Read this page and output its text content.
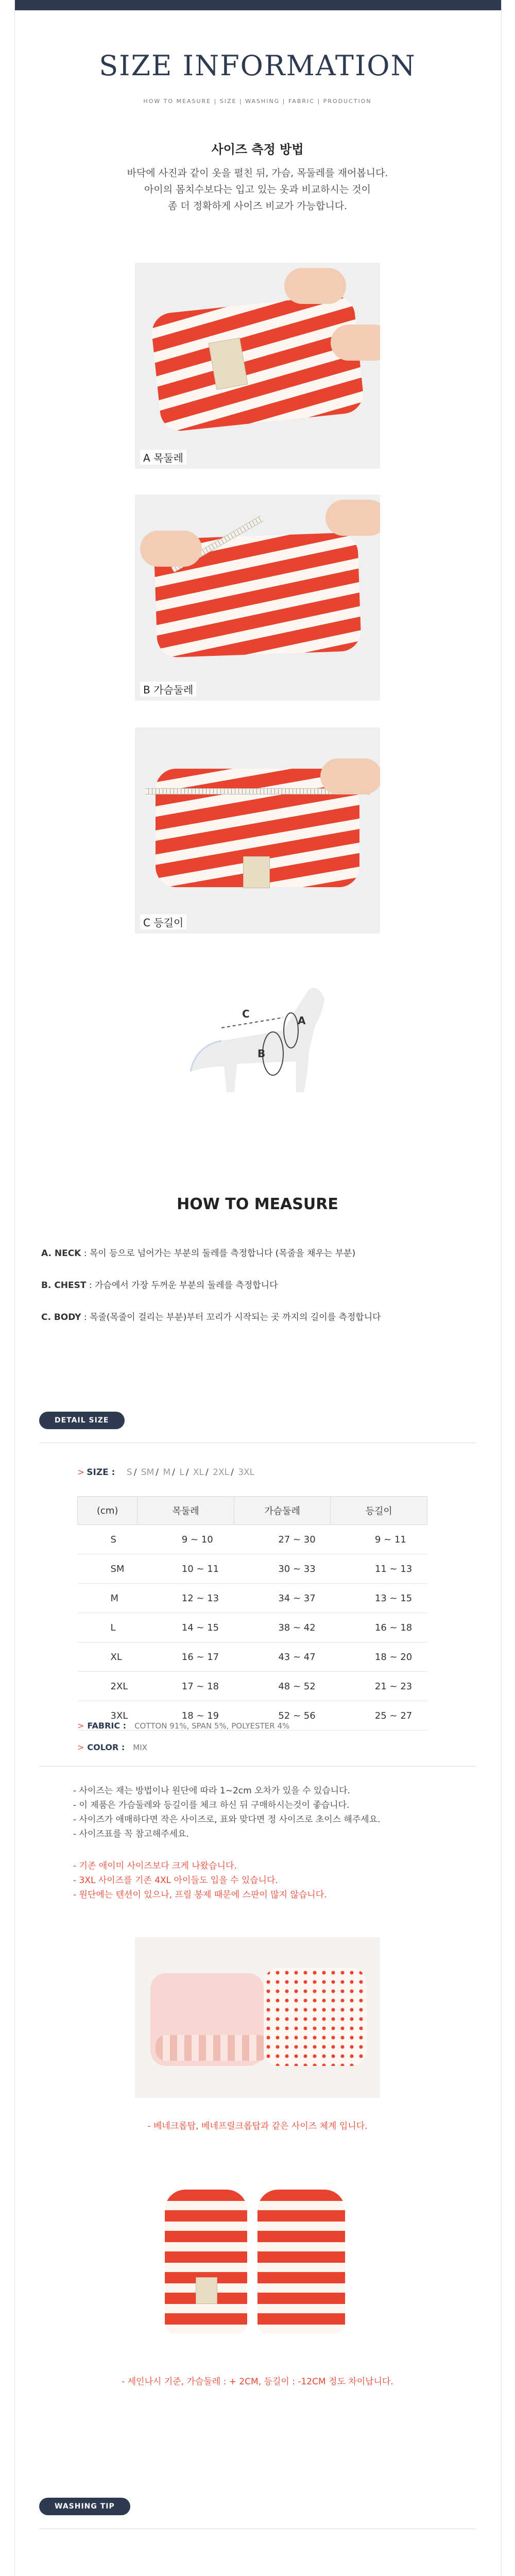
SIZE INFORMATION
HOW TO MEASURE | SIZE | WASHING | FABRIC | PRODUCTION
사이즈 측정 방법
바닥에 사진과 같이 옷을 펼친 뒤, 가슴, 목둘레를 재어봅니다.
아이의 몸치수보다는 입고 있는 옷과 비교하시는 것이
좀 더 정확하게 사이즈 비교가 가능합니다.
A 목둘레
B 가슴둘레
C 등길이
A
B
C
HOW TO MEASURE
A. NECK : 목이 등으로 넘어가는 부분의 둘레를 측정합니다 (목줄을 채우는 부분)
B. CHEST : 가슴에서 가장 두꺼운 부분의 둘레를 측정합니다
C. BODY : 목줄(목줄이 걸리는 부분)부터 꼬리가 시작되는 곳 까지의 길이를 측정합니다
DETAIL SIZE
> SIZE : S / SM / M / L / XL / 2XL / 3XL
(cm)	목둘레	가슴둘레	등길이
S	9 ~ 10	27 ~ 30	9 ~ 11
SM	10 ~ 11	30 ~ 33	11 ~ 13
M	12 ~ 13	34 ~ 37	13 ~ 15
L	14 ~ 15	38 ~ 42	16 ~ 18
XL	16 ~ 17	43 ~ 47	18 ~ 20
2XL	17 ~ 18	48 ~ 52	21 ~ 23
3XL	18 ~ 19	52 ~ 56	25 ~ 27
> FABRIC : COTTON 91%, SPAN 5%, POLYESTER 4%
> COLOR : MIX
- 사이즈는 재는 방법이나 원단에 따라 1~2cm 오차가 있을 수 있습니다.
- 이 제품은 가슴둘레와 등길이를 체크 하신 뒤 구매하시는것이 좋습니다.
- 사이즈가 애매하다면 작은 사이즈로, 표와 맞다면 정 사이즈로 초이스 해주세요.
- 사이즈표를 꼭 참고해주세요.
- 기존 애이미 사이즈보다 크게 나왔습니다.
- 3XL 사이즈를 기존 4XL 아이들도 입을 수 있습니다.
- 원단에는 텐션이 있으나, 프릴 봉제 때문에 스판이 많지 않습니다.
- 베네크롭탑, 베네프릴크롭탑과 같은 사이즈 체계 입니다.
- 세인나시 기준, 가슴둘레 : + 2CM, 등길이 : -12CM 정도 차이납니다.
WASHING TIP
